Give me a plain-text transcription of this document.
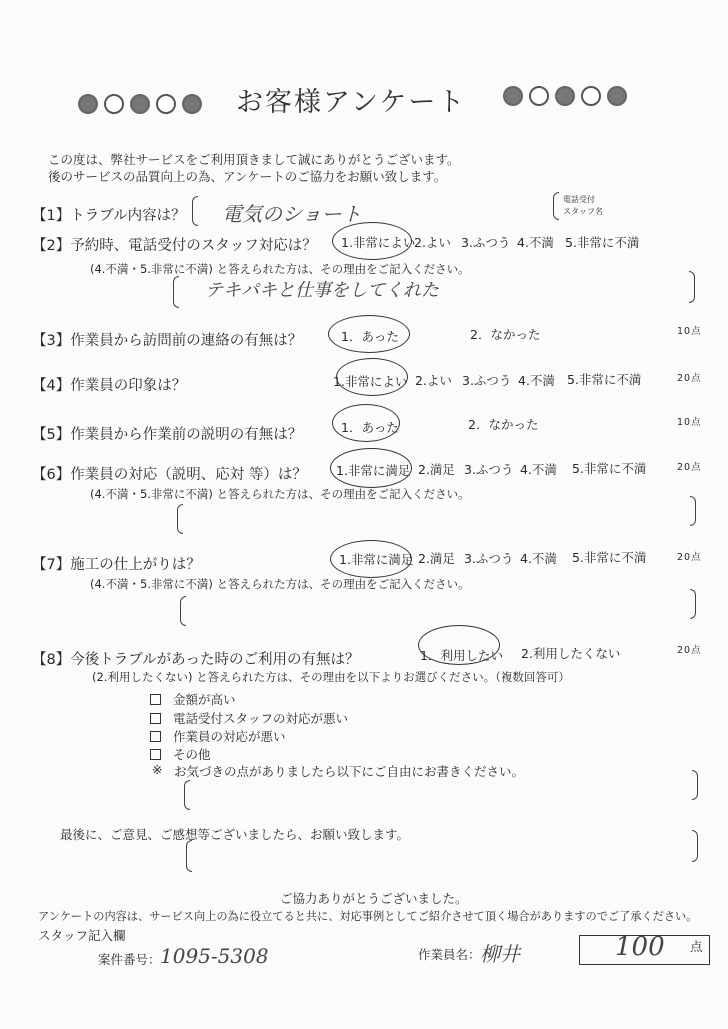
お客様アンケート
この度は、弊社サービスをご利用頂きまして誠にありがとうございます。
後のサービスの品質向上の為、アンケートのご協力をお願い致します。
電話受付
スタッフ名
【1】トラブル内容は？ 電気のショート
【2】予約時、電話受付のスタッフ対応は？ 1.非常によい
2.よい 3.ふつう 4.不満 5.非常に不満
(4.不満・5.非常に不満) と答えられた方は、その理由をご記入ください。
テキパキと仕事をしてくれた
【3】作業員から訪問前の連絡の有無は？	1．あった	2．なかった	10点
【4】作業員の印象は？	1.非常によい 2.よい 3.ふつう 4.不満 5.非常に不満	20点
【5】作業員から作業前の説明の有無は？	1．あった	2．なかった	10点
【6】作業員の対応（説明、応対 等）は？ 1.非常に満足 2.満足 3.ふつう 4.不満 5.非常に不満	20点
(4.不満・5.非常に不満) と答えられた方は、その理由をご記入ください。
【7】施工の仕上がりは？	1.非常に満足 2.満足 3.ふつう 4.不満 5.非常に不満	20点
(4.不満・5.非常に不満) と答えられた方は、その理由をご記入ください。
【8】今後トラブルがあった時のご利用の有無は？	1．利用したい 2.利用したくない	20点
(2.利用したくない) と答えられた方は、その理由を以下よりお選びください。（複数回答可）
金額が高い
電話受付スタッフの対応が悪い
作業員の対応が悪い
その他
※ お気づきの点がありましたら以下にご自由にお書きください。
最後に、ご意見、ご感想等ございましたら、お願い致します。
ご協力ありがとうございました。
アンケートの内容は、サービス向上の為に役立てると共に、対応事例としてご紹介させて頂く場合がありますのでご了承ください。
スタッフ記入欄
案件番号： 1095-5308	作業員名： 柳井	100 点
